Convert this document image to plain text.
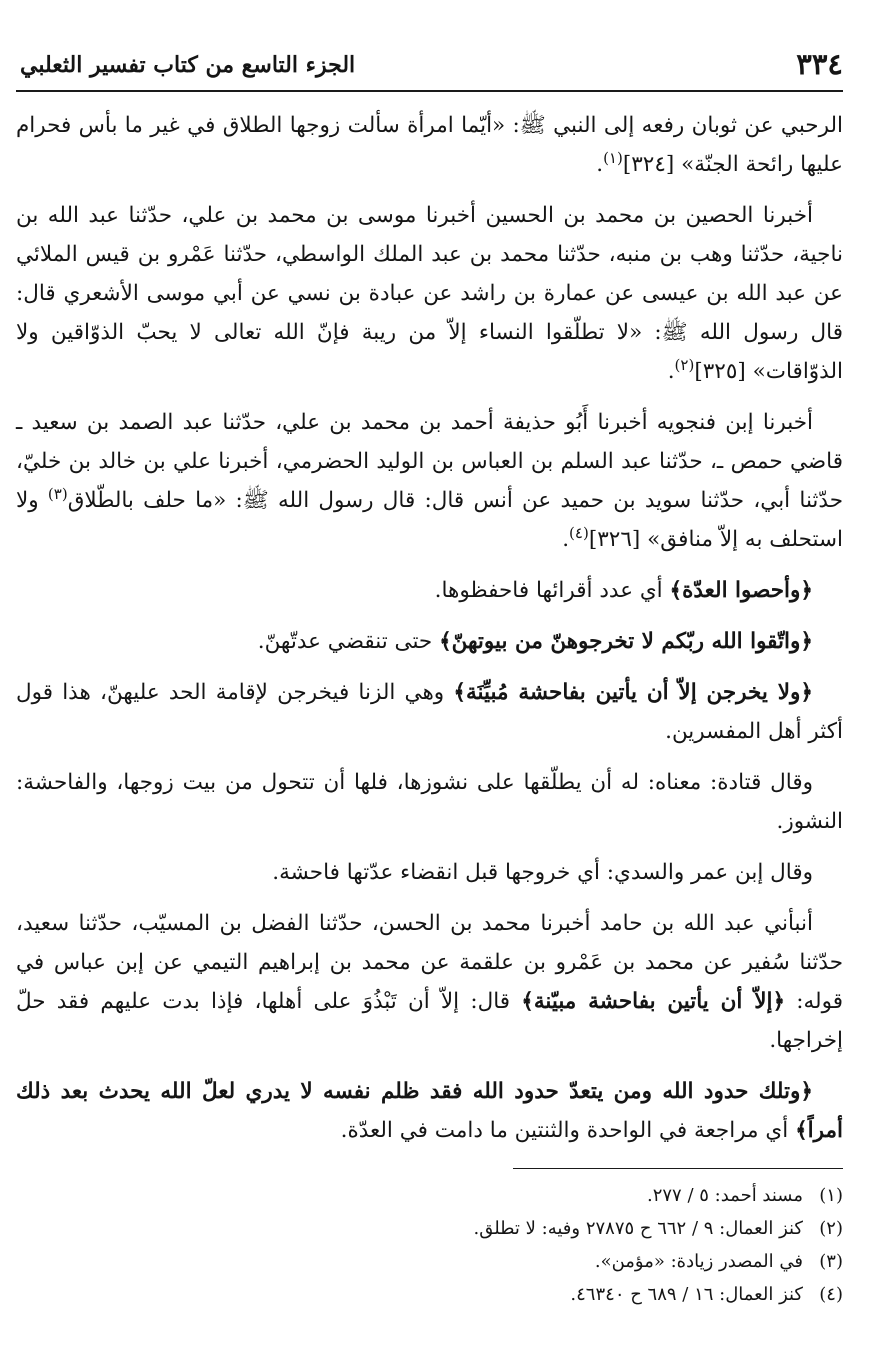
٣٣٤
الجزء التاسع من كتاب تفسير الثعلبي

الرحبي عن ثوبان رفعه إلى النبي ﷺ: «أيّما امرأة سألت زوجها الطلاق في غير ما بأس فحرام عليها رائحة الجنّة» [٣٢٤]$^{(١)}$.

أخبرنا الحصين بن محمد بن الحسين أخبرنا موسى بن محمد بن علي، حدّثنا عبد الله بن ناجية، حدّثنا وهب بن منبه، حدّثنا محمد بن عبد الملك الواسطي، حدّثنا عَمْرو بن قيس الملائي عن عبد الله بن عيسى عن عمارة بن راشد عن عبادة بن نسي عن أبي موسى الأشعري قال: قال رسول الله ﷺ: «لا تطلّقوا النساء إلاّ من ريبة فإنّ الله تعالى لا يحبّ الذوّاقين ولا الذوّاقات» [٣٢٥]$^{(٢)}$.

أخبرنا إبن فنجويه أخبرنا أَبُو حذيفة أحمد بن محمد بن علي، حدّثنا عبد الصمد بن سعيد ـ قاضي حمص ـ، حدّثنا عبد السلم بن العباس بن الوليد الحضرمي، أخبرنا علي بن خالد بن خليّ، حدّثنا أبي، حدّثنا سويد بن حميد عن أنس قال: قال رسول الله ﷺ: «ما حلف بالطّلاق$^{(٣)}$ ولا استحلف به إلاّ منافق» [٣٢٦]$^{(٤)}$.

﴿وأحصوا العدّة﴾ أي عدد أقرائها فاحفظوها.

﴿واتّقوا الله ربّكم لا تخرجوهنّ من بيوتهنّ﴾ حتى تنقضي عدتّهنّ.

﴿ولا يخرجن إلاّ أن يأتين بفاحشة مُبيِّنَة﴾ وهي الزنا فيخرجن لإقامة الحد عليهنّ، هذا قول أكثر أهل المفسرين.

وقال قتادة: معناه: له أن يطلّقها على نشوزها، فلها أن تتحول من بيت زوجها، والفاحشة: النشوز.

وقال إبن عمر والسدي: أي خروجها قبل انقضاء عدّتها فاحشة.

أنبأني عبد الله بن حامد أخبرنا محمد بن الحسن، حدّثنا الفضل بن المسيّب، حدّثنا سعيد، حدّثنا سُفير عن محمد بن عَمْرو بن علقمة عن محمد بن إبراهيم التيمي عن إبن عباس في قوله: ﴿إلاّ أن يأتين بفاحشة مبيّنة﴾ قال: إلاّ أن تَبْذُوَ على أهلها، فإذا بدت عليهم فقد حلّ إخراجها.

﴿وتلك حدود الله ومن يتعدّ حدود الله فقد ظلم نفسه لا يدري لعلّ الله يحدث بعد ذلك أمراً﴾ أي مراجعة في الواحدة والثنتين ما دامت في العدّة.

(١)مسند أحمد: ٥ / ٢٧٧.
(٢)كنز العمال: ٩ / ٦٦٢ ح ٢٧٨٧٥ وفيه: لا تطلق.
(٣)في المصدر زيادة: «مؤمن».
(٤)كنز العمال: ١٦ / ٦٨٩ ح ٤٦٣٤٠.
